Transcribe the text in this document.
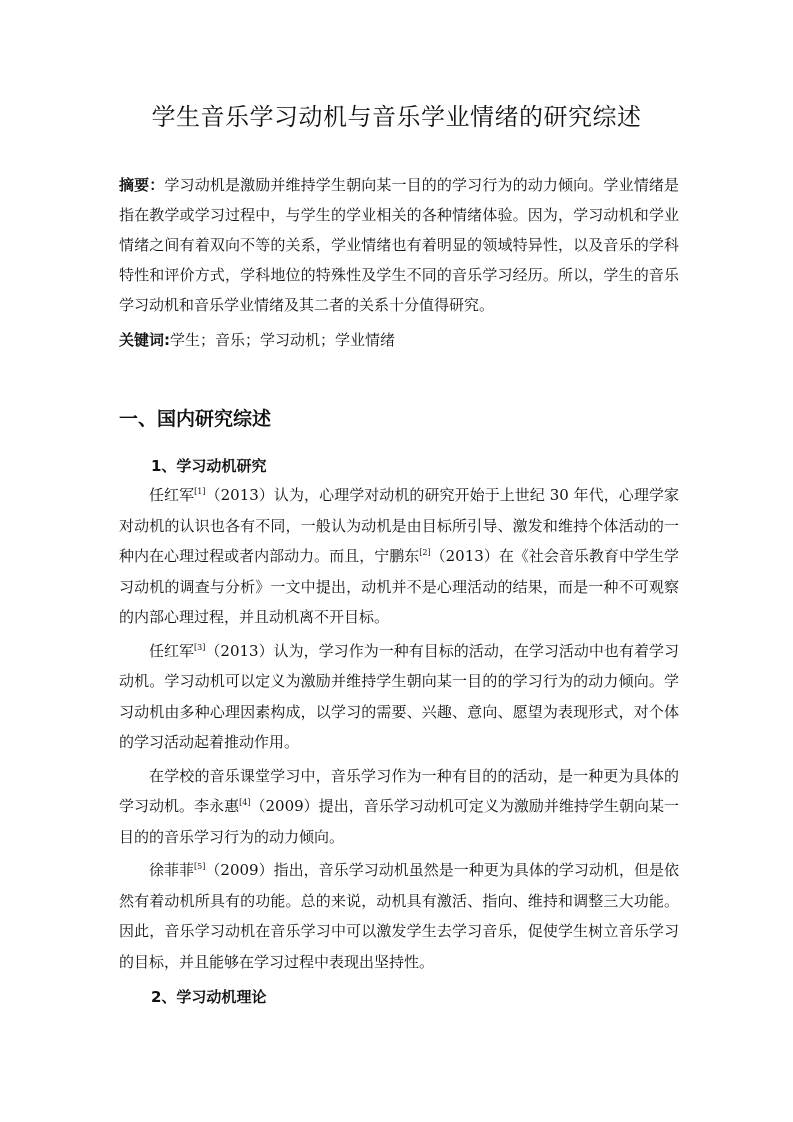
学生音乐学习动机与音乐学业情绪的研究综述
摘要：学习动机是激励并维持学生朝向某一目的的学习行为的动力倾向。学业情绪是指在教学或学习过程中，与学生的学业相关的各种情绪体验。因为，学习动机和学业情绪之间有着双向不等的关系，学业情绪也有着明显的领域特异性，以及音乐的学科特性和评价方式，学科地位的特殊性及学生不同的音乐学习经历。所以，学生的音乐学习动机和音乐学业情绪及其二者的关系十分值得研究。
关键词:学生；音乐；学习动机；学业情绪
一、国内研究综述
1、学习动机研究

任红军[1]（2013）认为，心理学对动机的研究开始于上世纪 30 年代，心理学家对动机的认识也各有不同，一般认为动机是由目标所引导、激发和维持个体活动的一种内在心理过程或者内部动力。而且，宁鹏东[2]（2013）在《社会音乐教育中学生学习动机的调查与分析》一文中提出，动机并不是心理活动的结果，而是一种不可观察的内部心理过程，并且动机离不开目标。

任红军[3]（2013）认为，学习作为一种有目标的活动，在学习活动中也有着学习动机。学习动机可以定义为激励并维持学生朝向某一目的的学习行为的动力倾向。学习动机由多种心理因素构成，以学习的需要、兴趣、意向、愿望为表现形式，对个体的学习活动起着推动作用。

在学校的音乐课堂学习中，音乐学习作为一种有目的的活动，是一种更为具体的学习动机。李永惠[4]（2009）提出，音乐学习动机可定义为激励并维持学生朝向某一目的的音乐学习行为的动力倾向。

徐菲菲[5]（2009）指出，音乐学习动机虽然是一种更为具体的学习动机，但是依然有着动机所具有的功能。总的来说，动机具有激活、指向、维持和调整三大功能。因此，音乐学习动机在音乐学习中可以激发学生去学习音乐，促使学生树立音乐学习的目标，并且能够在学习过程中表现出坚持性。

2、学习动机理论
